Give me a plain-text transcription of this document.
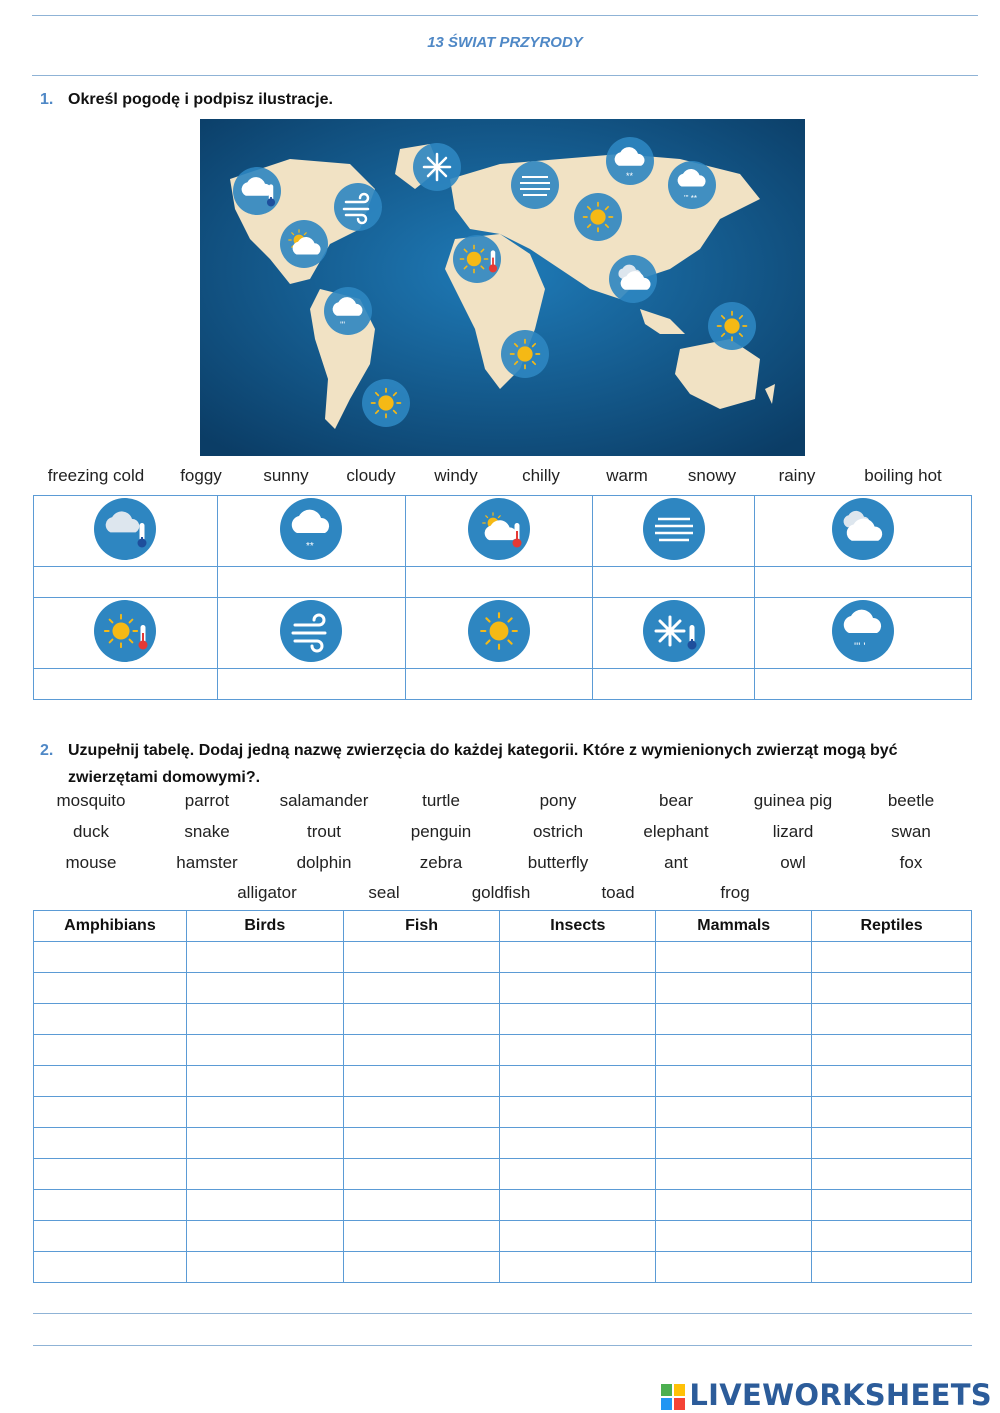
13 ŚWIAT PRZYRODY
1. Określ pogodę i podpisz ilustracje.
**
''' **
'''
freezing cold foggy sunny cloudy windy	chilly	warm snowy rainy	boiling hot

**

''' '

2. Uzupełnij tabelę. Dodaj jedną nazwę zwierzęcia do każdej kategorii. Które z wymienionych zwierząt mogą być
zwierzętami domowymi?.
mosquito	parrot	salamander	turtle	pony	bear	guinea pig	beetle
duck	snake	trout	penguin	ostrich	elephant	lizard	swan
mouse	hamster	dolphin	zebra	butterfly	ant	owl	fox
alligator	seal	goldfish	toad	frog
Amphibians	Birds	Fish	Insects	Mammals	Reptiles

LIVEWORKSHEETS
